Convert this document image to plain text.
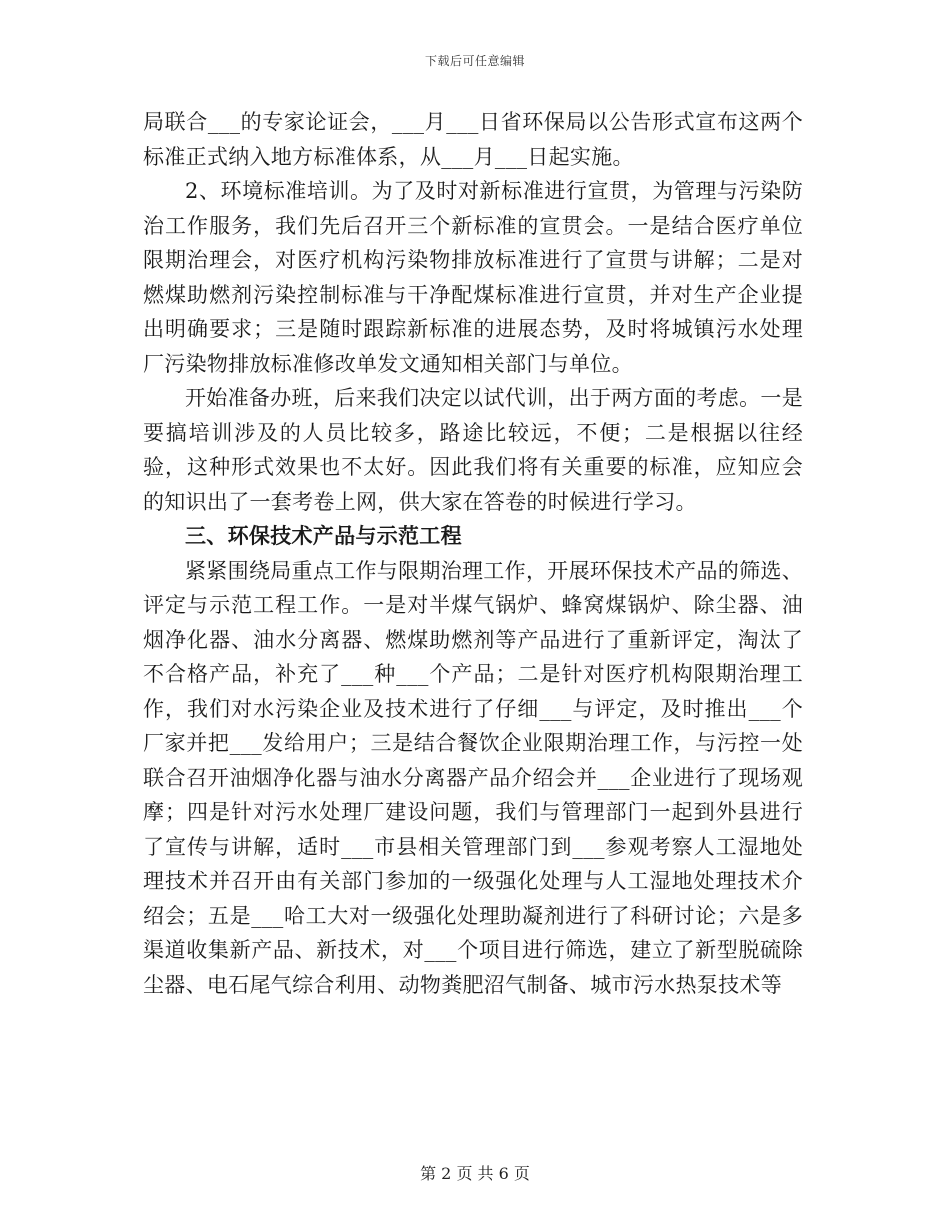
下载后可任意编辑

局联合___的专家论证会，___月___日省环保局以公告形式宣布这两个标准正式纳入地方标准体系，从___月___日起实施。

2、环境标准培训。为了及时对新标准进行宣贯，为管理与污染防治工作服务，我们先后召开三个新标准的宣贯会。一是结合医疗单位限期治理会，对医疗机构污染物排放标准进行了宣贯与讲解；二是对燃煤助燃剂污染控制标准与干净配煤标准进行宣贯，并对生产企业提出明确要求；三是随时跟踪新标准的进展态势，及时将城镇污水处理厂污染物排放标准修改单发文通知相关部门与单位。

开始准备办班，后来我们决定以试代训，出于两方面的考虑。一是要搞培训涉及的人员比较多，路途比较远，不便；二是根据以往经验，这种形式效果也不太好。因此我们将有关重要的标准，应知应会的知识出了一套考卷上网，供大家在答卷的时候进行学习。

三、环保技术产品与示范工程

紧紧围绕局重点工作与限期治理工作，开展环保技术产品的筛选、评定与示范工程工作。一是对半煤气锅炉、蜂窝煤锅炉、除尘器、油烟净化器、油水分离器、燃煤助燃剂等产品进行了重新评定，淘汰了不合格产品，补充了___种___个产品；二是针对医疗机构限期治理工作，我们对水污染企业及技术进行了仔细___与评定，及时推出___个厂家并把___发给用户；三是结合餐饮企业限期治理工作，与污控一处联合召开油烟净化器与油水分离器产品介绍会并___企业进行了现场观摩；四是针对污水处理厂建设问题，我们与管理部门一起到外县进行了宣传与讲解，适时___市县相关管理部门到___参观考察人工湿地处理技术并召开由有关部门参加的一级强化处理与人工湿地处理技术介绍会；五是___哈工大对一级强化处理助凝剂进行了科研讨论；六是多渠道收集新产品、新技术，对___个项目进行筛选，建立了新型脱硫除尘器、电石尾气综合利用、动物粪肥沼气制备、城市污水热泵技术等

第 2 页 共 6 页
